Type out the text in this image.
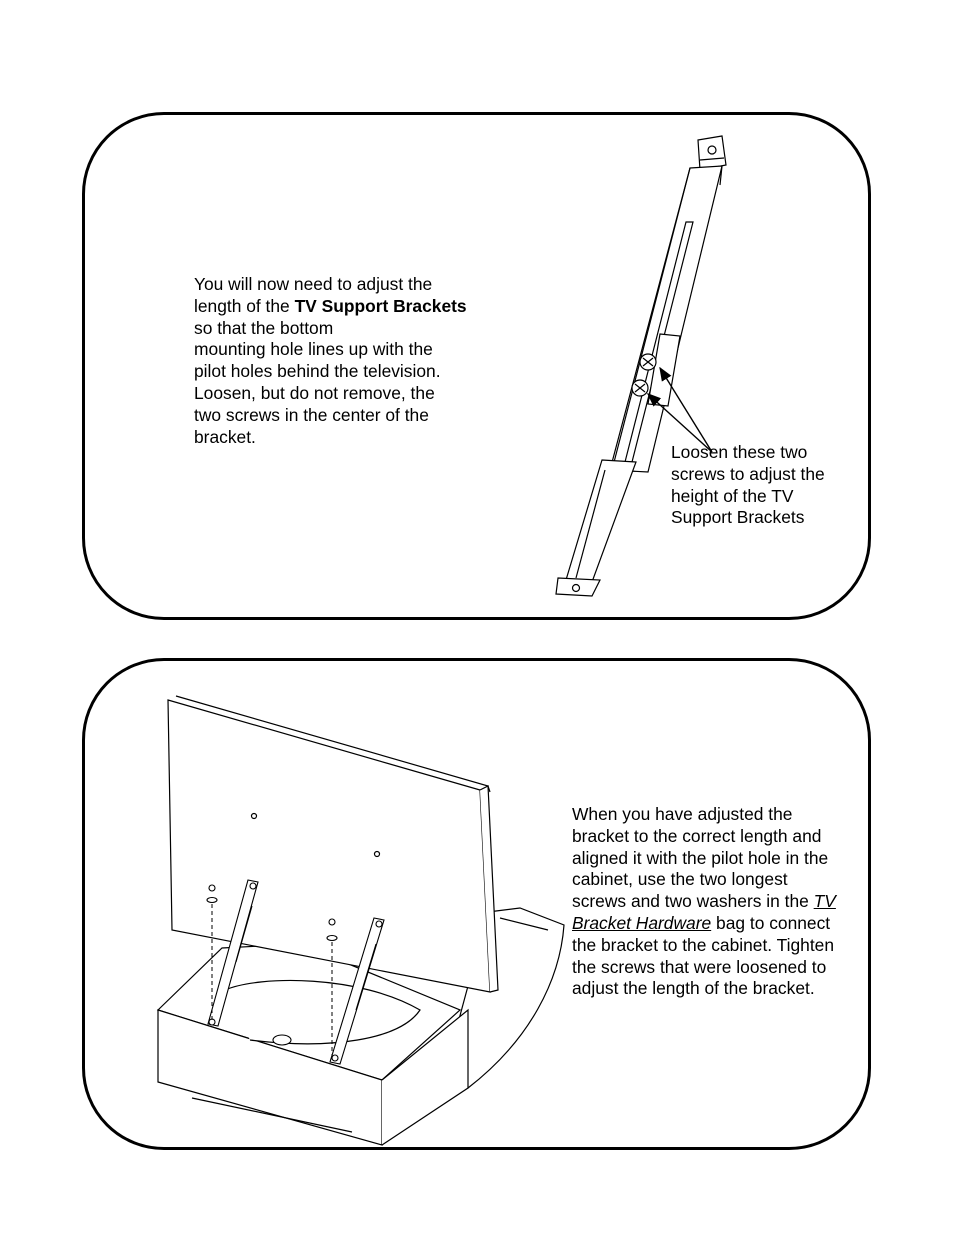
You will now need to adjust the
length of the TV Support Brackets so that the bottom
mounting hole lines up with the
pilot holes behind the television.
Loosen, but do not remove, the
two screws in the center of the
bracket.
Loosen these two
screws to adjust the
height of the TV
Support Brackets
When you have adjusted the
bracket to the correct length and
aligned it with the pilot hole in the
cabinet, use the two longest
screws and two washers in the TV
Bracket Hardware bag to connect
the bracket to the cabinet. Tighten
the screws that were loosened to
adjust the length of the bracket.
